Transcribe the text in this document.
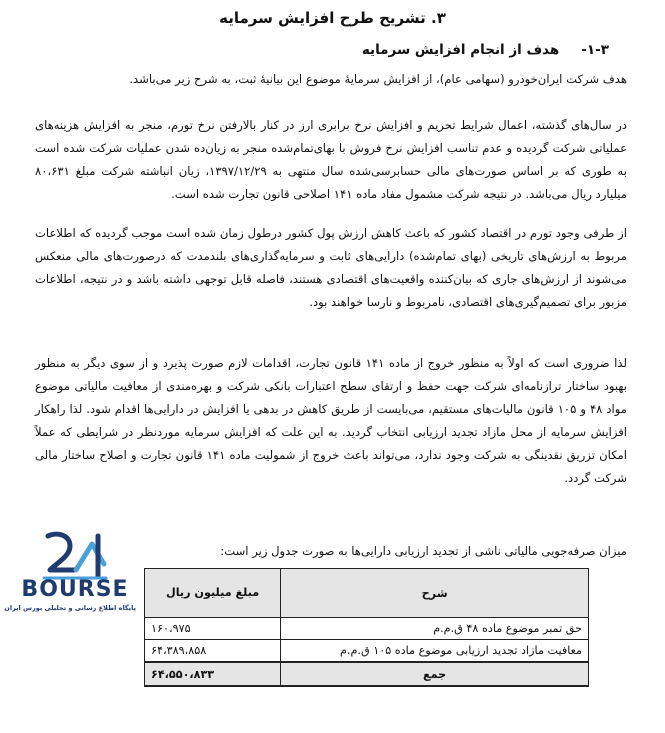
۳. تشریح طرح افزایش سرمایه
۱-۳-هدف از انجام افزایش سرمایه

هدف شرکت ایران‌خودرو (سهامی عام)، از افزایش سرمایهٔ موضوع این بیانیهٔ ثبت، به شرح زیر می‌باشد.

در سال‌های گذشته، اعمال شرایط تحریم و افزایش نرخ برابری ارز در کنار بالارفتن نرخ تورم، منجر به افزایش هزینه‌های عملیاتی شرکت گردیده و عدم تناسب افزایش نرخ فروش با بهای‌تمام‌شده منجر به زیان‌ده شدن عملیات شرکت شده است به طوری که بر اساس صورت‌های مالی حسابرسی‌شده سال منتهی به ۱۳۹۷/۱۲/۲۹، زیان انباشته شرکت مبلغ ۸۰،۶۳۱ میلیارد ریال می‌باشد. در نتیجه شرکت مشمول مفاد ماده ۱۴۱ اصلاحی قانون تجارت شده است.

از طرفی وجود تورم در اقتصاد کشور که باعث کاهش ارزش پول کشور درطول زمان شده است موجب گردیده که اطلاعات مربوط به ارزش‌های تاریخی (بهای تمام‌شده) دارایی‌های ثابت و سرمایه‌گذاری‌های بلندمدت که درصورت‌های مالی منعکس می‌شوند از ارزش‌های جاری که بیان‌کننده واقعیت‌های اقتصادی هستند، فاصله قابل توجهی داشته باشد و در نتیجه، اطلاعات مزبور برای تصمیم‌گیری‌های اقتصادی، نامربوط و نارسا خواهند بود.

لذا ضروری است که اولاً به منظور خروج از ماده ۱۴۱ قانون تجارت، اقدامات لازم صورت پذیرد و از سوی دیگر به منظور بهبود ساختار ترازنامه‌ای شرکت جهت حفظ و ارتقای سطح اعتبارات بانکی شرکت و بهره‌مندی از معافیت مالیاتی موضوع مواد ۴۸ و ۱۰۵ قانون مالیات‌های مستقیم، می‌بایست از طریق کاهش در بدهی یا افزایش در دارایی‌ها اقدام شود. لذا راهکار افزایش سرمایه از محل مازاد تجدید ارزیابی انتخاب گردید. به این علت که افزایش سرمایه موردنظر در شرایطی که عملاً امکان تزریق نقدینگی به شرکت وجود ندارد، می‌تواند باعث خروج از شمولیت ماده ۱۴۱ قانون تجارت و اصلاح ساختار مالی شرکت گردد.

میزان صرفه‌جویی مالیاتی ناشی از تجدید ارزیابی دارایی‌ها به صورت جدول زیر است:
BOURSE
پایگاه اطلاع رسانی و تحلیلی بورس ایران
شرح	مبلغ میلیون ریال
حق تمبر موضوع ماده ۴۸ ق.م.م	۱۶۰،۹۷۵
معافیت مازاد تجدید ارزیابی موضوع ماده ۱۰۵ ق.م.م	۶۴،۳۸۹،۸۵۸
جمع	۶۴،۵۵۰،۸۳۳
